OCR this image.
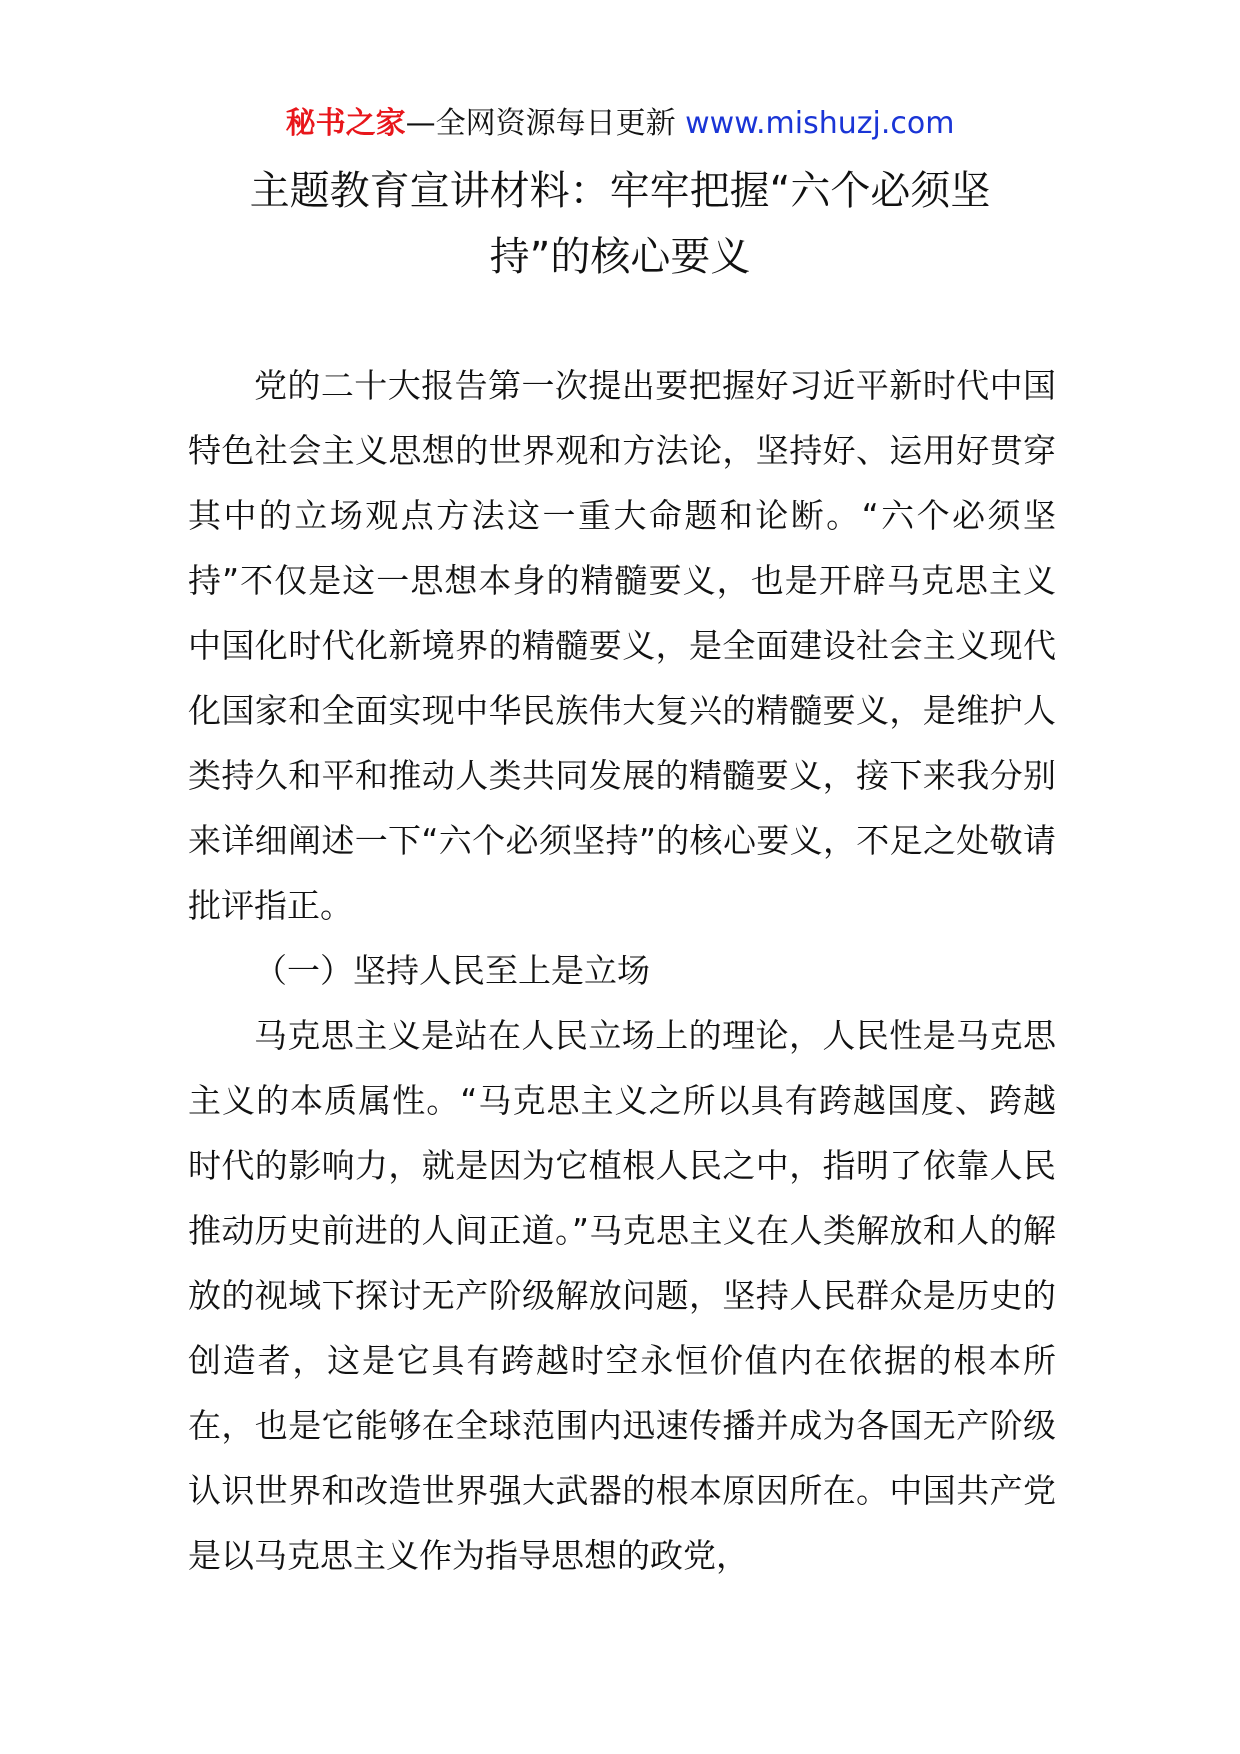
秘书之家—全网资源每日更新 www.mishuzj.com
主题教育宣讲材料：牢牢把握“六个必须坚
持”的核心要义

党的二十大报告第一次提出要把握好习近平新时代中国特色社会主义思想的世界观和方法论，坚持好、运用好贯穿其中的立场观点方法这一重大命题和论断。“六个必须坚持”不仅是这一思想本身的精髓要义，也是开辟马克思主义中国化时代化新境界的精髓要义，是全面建设社会主义现代化国家和全面实现中华民族伟大复兴的精髓要义，是维护人类持久和平和推动人类共同发展的精髓要义，接下来我分别来详细阐述一下“六个必须坚持”的核心要义，不足之处敬请批评指正。

（一）坚持人民至上是立场

马克思主义是站在人民立场上的理论，人民性是马克思主义的本质属性。“马克思主义之所以具有跨越国度、跨越时代的影响力，就是因为它植根人民之中，指明了依靠人民推动历史前进的人间正道。”马克思主义在人类解放和人的解放的视域下探讨无产阶级解放问题，坚持人民群众是历史的创造者，这是它具有跨越时空永恒价值内在依据的根本所在，也是它能够在全球范围内迅速传播并成为各国无产阶级认识世界和改造世界强大武器的根本原因所在。中国共产党是以马克思主义作为指导思想的政党，
